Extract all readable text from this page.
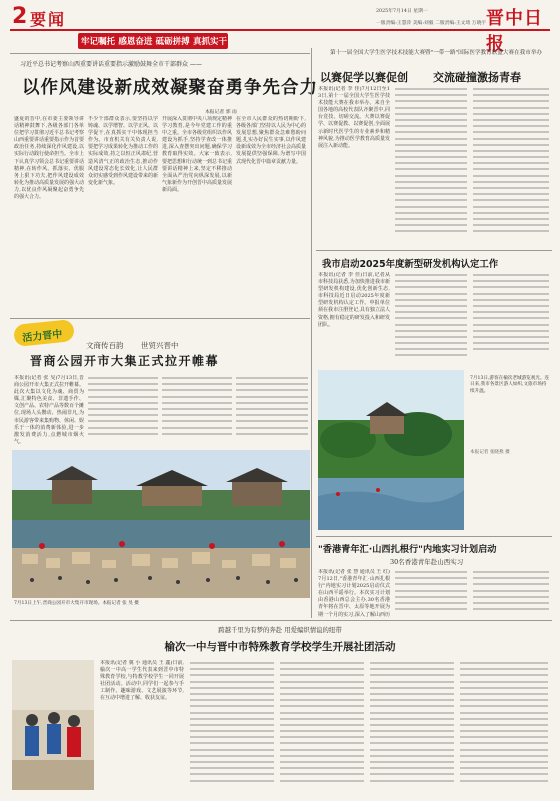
2 要闻	2025年7月14日 星期一
一版责编:王慧萍 美编:刘毅 二版责编:王文琦 万晓宇 晋中日报
牢记嘱托 感恩奋进 砥砺拼搏 真抓实干
习近平总书记考察山西重要讲话重要指示激励鼓舞全市干部群众 ——
以作风建设新成效凝聚奋勇争先合力
本报记者 郭 雨
盛夏的晋中,在市委主要领导讲话精神鼓舞下,各级各部门各单位把学习贯彻习近平总书记考察山西重要讲话重要指示作为首要政治任务,持续深化作风建设,以实际行动践行使命担当。全市上下认真学习领会总书记重要讲话精神,在转作风、抓落实、优服务上狠下功夫,把作风建设成效转化为推动高质量发展的强大动力,以优良作风凝聚起奋勇争先的强大合力。
不少干部群众表示,要坚持以学铸魂、以学增智、以学正风、以学促干,在真抓实干中体现担当作为。市直机关有关负责人说,要把学习成果转化为推动工作的实际成效,持之以恒正风肃纪,营造风清气正的政治生态,推动作风建设常态化长效化,让人民群众切实感受到作风建设带来的新变化新气象。
开展深入贯彻中央八项规定精神学习教育,是今年党建工作的重中之重。全市各级党组织以作风建设为抓手,坚持学查改一体推进,深入查摆突出问题,确保学习教育取得实效。大家一致表示,要把思想和行动统一到总书记重要讲话精神上来,坚定不移推动全面从严治党向纵深发展,以新气象新作为开创晋中高质量发展新局面。
在全市人民群众的热切期盼下,各级各部门坚持以人民为中心的发展思想,聚焦群众急难愁盼问题,扎实办好民生实事,以作风建设新成效为全市经济社会高质量发展提供坚强保障,为谱写中国式现代化晋中篇章贡献力量。
第十一届全国大学生医学技术技能大赛暨"一带一路"国际医学教育联盟大赛在我市举办
以赛促学以赛促创 交流碰撞激扬青春
本报讯(记者 李 佳)7月12日至13日,第十一届全国大学生医学技术技能大赛在我市举办。来自全国各地的高校代表队齐聚晋中,同台竞技、切磋交流。大赛以赛促学、以赛促教、以赛促创,全面展示新时代医学生的专业素养和精神风貌,为推动医学教育高质量发展注入新动能。
我市启动2025年度新型研发机构认定工作
本报讯(记者 李 佳)日前,记者从市科技局获悉,为加快推进我市新型研发机构建设,优化创新生态,市科技局近日启动2025年度新型研发机构认定工作。申报单位须在我市注册登记,具有独立法人资格,拥有稳定的研发投入和研发团队。
活力晋中
文商传百韵 世贸兴晋中
晋商公园开市大集正式拉开帷幕
本报讯(记者 张 旻)7月13日,晋商公园开市大集正式拉开帷幕。此次大集以文化为魂、商贸为媒,汇聚特色美食、非遗手作、文创产品、农特产品等数百个摊位,现场人头攒动、热闹非凡,为市民游客带来集购物、休闲、娱乐于一体的消费新体验,进一步激发消费活力,点燃城市烟火气。
7月13日上午,晋商公园开市大集开市现场。本报记者 张 旻 摄
7月13日,游客在榆次老城游览观光。连日来,我市各景区游人如织,文旅市场持续升温。
本报记者 张晓燕 摄
"香港青年汇·山西扎根行"内地实习计划启动
30名香港青年赴山西实习
本报讯(记者 张 慧 通讯员 王 红)7月12日,"香港青年汇·山西扎根行"内地实习计划2025启动仪式在山西平遥举行。本次实习计划由香港山西总会主办,30名香港青年将在晋中、太原等地开展为期一个月的实习,深入了解山西历
跨越千里为有梦的奔赴 用爱编织情谊的纽带
榆次一中与晋中市特殊教育学校学生开展社团活动
本报讯(记者 冀 小 通讯员 王 鑫)日前,榆次一中高一学生代表来到晋中市特殊教育学校,与特教学校学生一同开展社团活动。活动中,同学们一起参与手工制作、趣味游戏、文艺展演等环节,在互动中增进了解、收获友谊。
